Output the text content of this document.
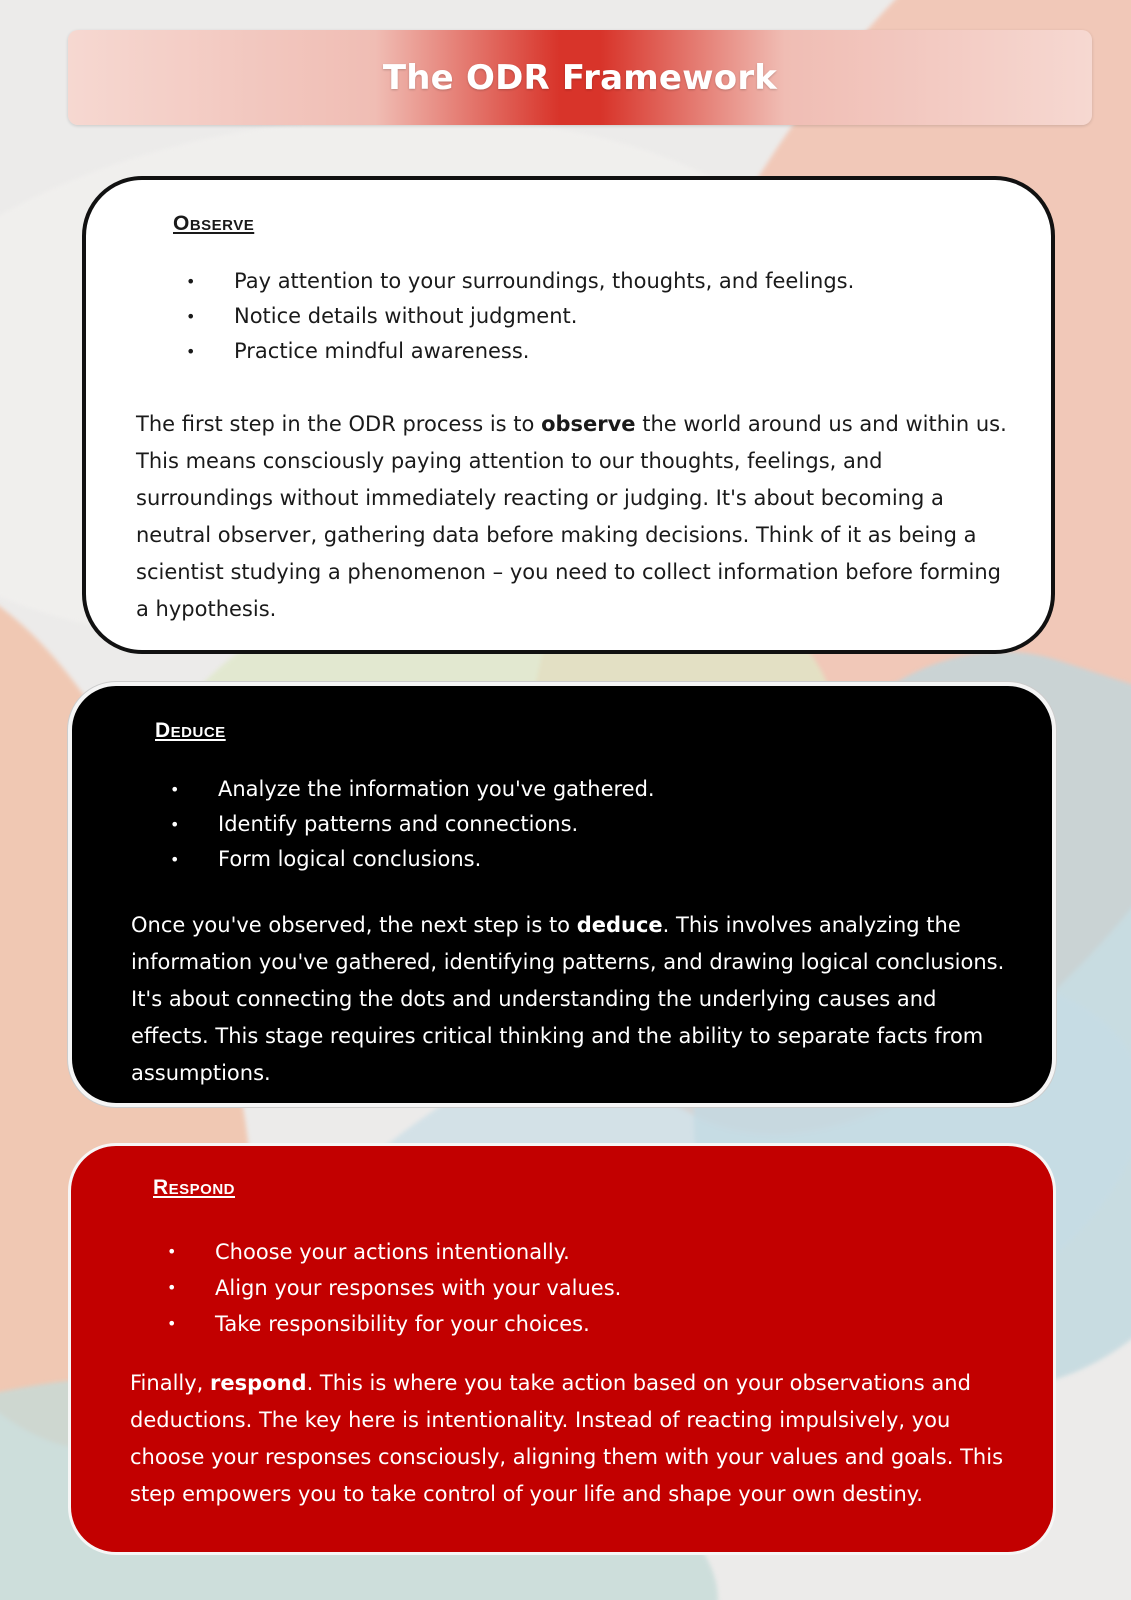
The ODR Framework
Observe
• Pay attention to your surroundings, thoughts, and feelings.
• Notice details without judgment.
• Practice mindful awareness.

The first step in the ODR process is to observe the world around us and within us. This means consciously paying attention to our thoughts, feelings, and surroundings without immediately reacting or judging. It's about becoming a neutral observer, gathering data before making decisions. Think of it as being a scientist studying a phenomenon – you need to collect information before forming a hypothesis.

Deduce
• Analyze the information you've gathered.
• Identify patterns and connections.
• Form logical conclusions.

Once you've observed, the next step is to deduce. This involves analyzing the information you've gathered, identifying patterns, and drawing logical conclusions. It's about connecting the dots and understanding the underlying causes and effects. This stage requires critical thinking and the ability to separate facts from assumptions.

Respond
• Choose your actions intentionally.
• Align your responses with your values.
• Take responsibility for your choices.

Finally, respond. This is where you take action based on your observations and deductions. The key here is intentionality. Instead of reacting impulsively, you choose your responses consciously, aligning them with your values and goals. This step empowers you to take control of your life and shape your own destiny.
